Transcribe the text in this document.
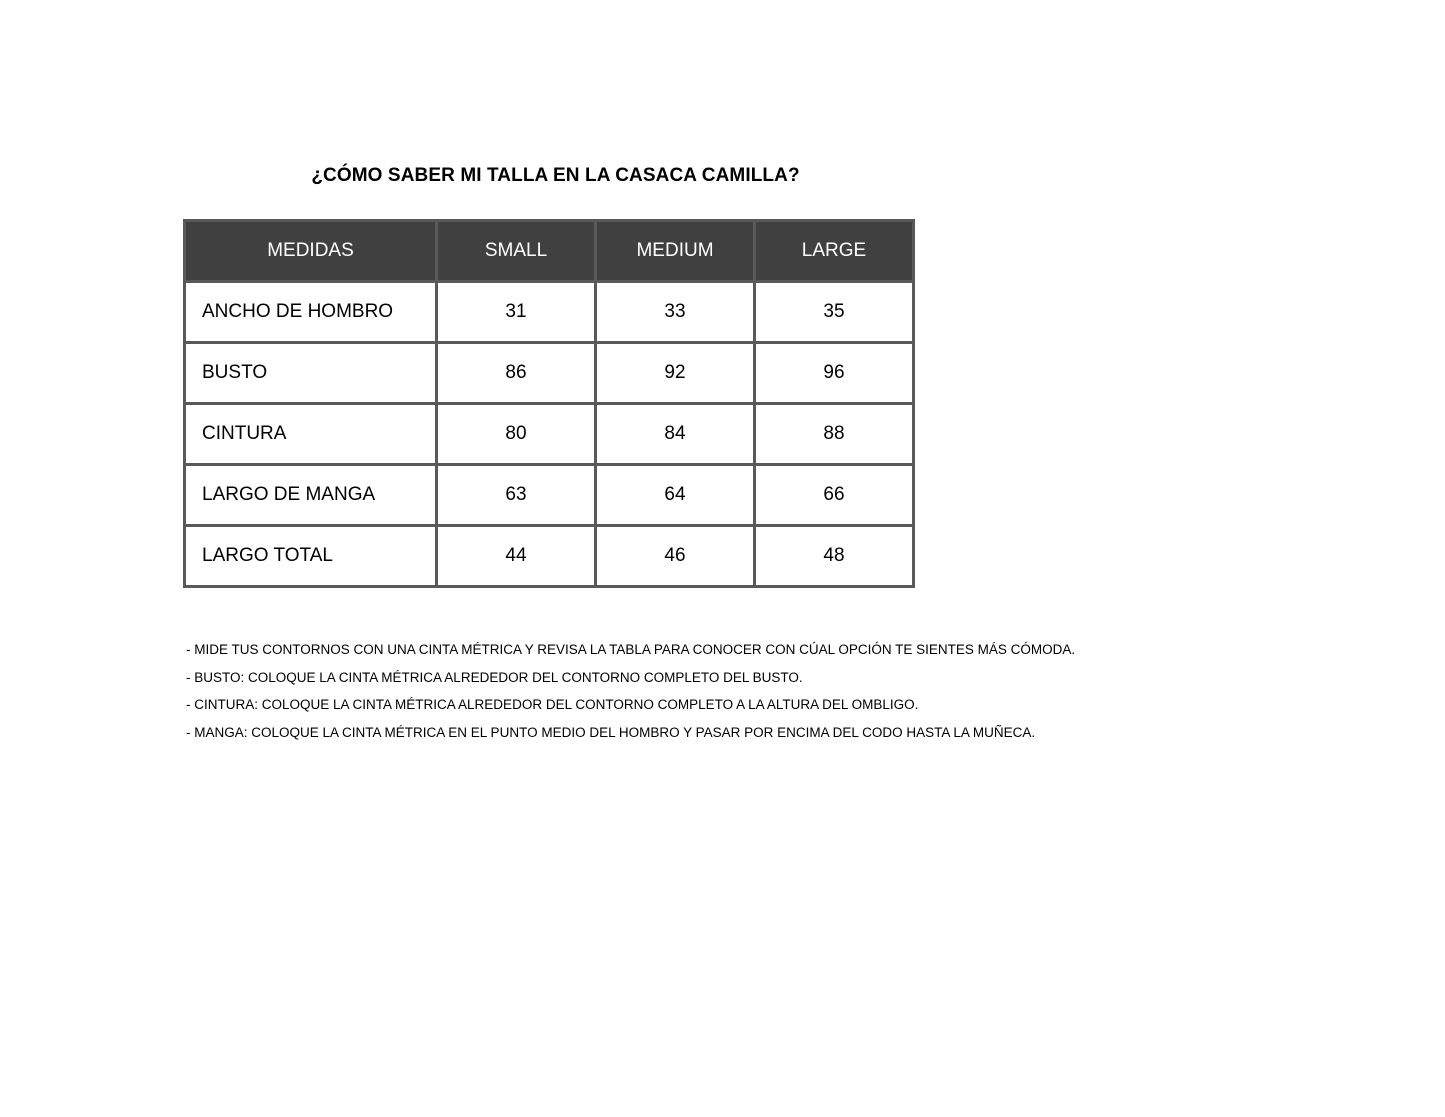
¿CÓMO SABER MI TALLA EN LA CASACA CAMILLA?
MEDIDAS	SMALL	MEDIUM	LARGE
ANCHO DE HOMBRO	31	33	35
BUSTO	86	92	96
CINTURA	80	84	88
LARGO DE MANGA	63	64	66
LARGO TOTAL	44	46	48
- MIDE TUS CONTORNOS CON UNA CINTA MÉTRICA Y REVISA LA TABLA PARA CONOCER CON CÚAL OPCIÓN TE SIENTES MÁS CÓMODA.
- BUSTO: COLOQUE LA CINTA MÉTRICA ALREDEDOR DEL CONTORNO COMPLETO DEL BUSTO.
- CINTURA: COLOQUE LA CINTA MÉTRICA ALREDEDOR DEL CONTORNO COMPLETO A LA ALTURA DEL OMBLIGO.
- MANGA: COLOQUE LA CINTA MÉTRICA EN EL PUNTO MEDIO DEL HOMBRO Y PASAR POR ENCIMA DEL CODO HASTA LA MUÑECA.
